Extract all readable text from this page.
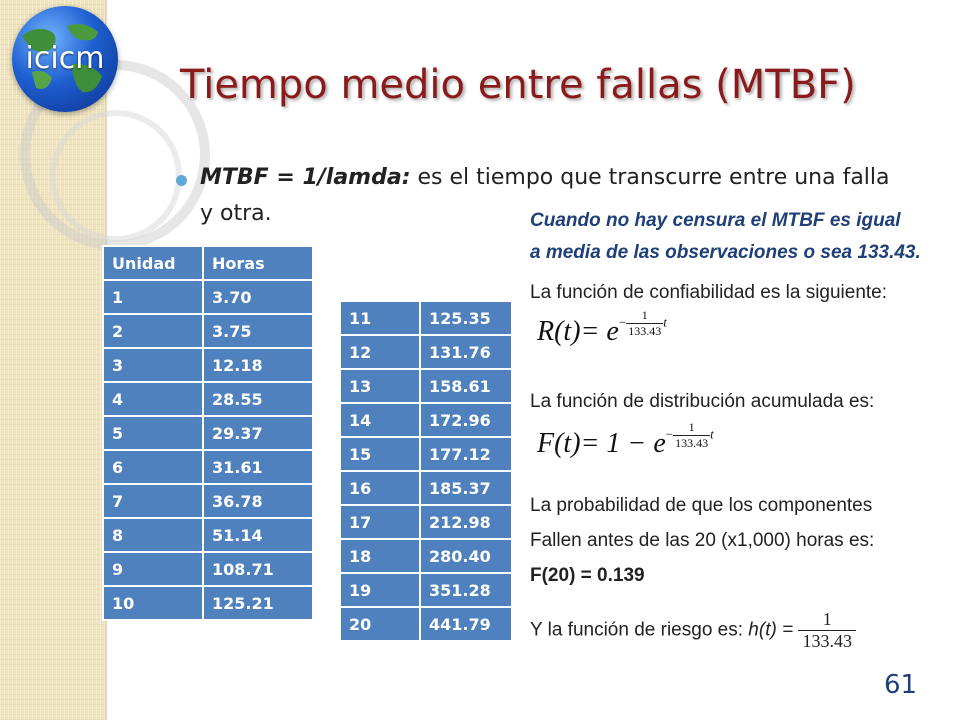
icicm
Tiempo medio entre fallas (MTBF)
MTBF = 1/lamda: es el tiempo que transcurre entre una falla y otra.
Unidad	Horas
1	3.70
2	3.75
3	12.18
4	28.55
5	29.37
6	31.61
7	36.78
8	51.14
9	108.71
10	125.21
11	125.35
12	131.76
13	158.61
14	172.96
15	177.12
16	185.37
17	212.98
18	280.40
19	351.28
20	441.79
Cuando no hay censura el MTBF es igual
a media de las observaciones o sea 133.43.
La función de confiabilidad es la siguiente:
$R(t)= e- \frac{1}{133.43}$ t
La función de distribución acumulada es:
$F(t)= 1 - e- \frac{1}{133.43}$ t
La probabilidad de que los componentes
Fallen antes de las 20 (x1,000) horas es:
F(20) = 0.139
Y la función de riesgo es: $h(t) = \frac{1}{133.43}$
61
